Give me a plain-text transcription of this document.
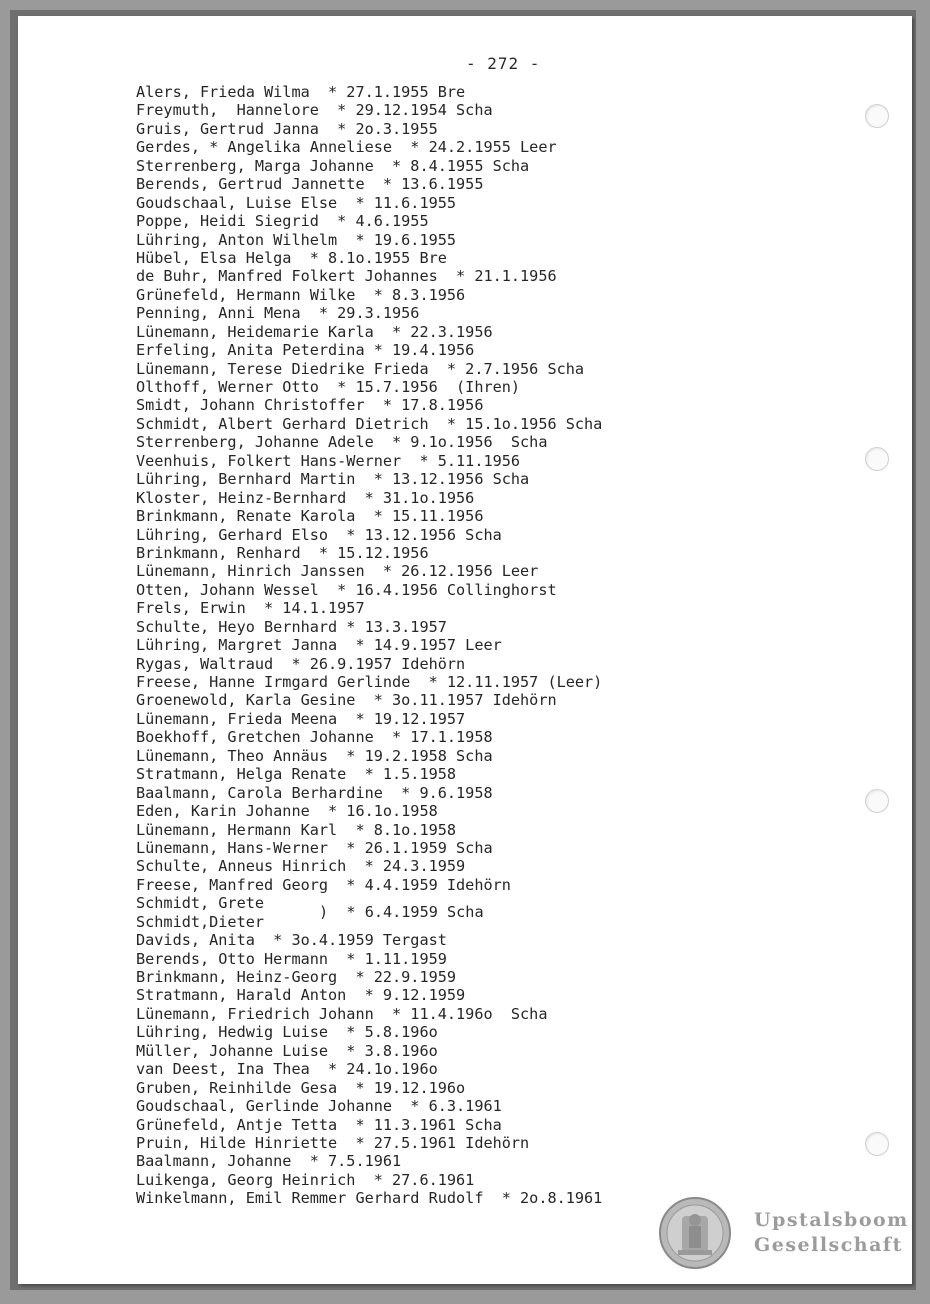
- 272 -
Alers, Frieda Wilma  * 27.1.1955 Bre
Freymuth,  Hannelore  * 29.12.1954 Scha
Gruis, Gertrud Janna  * 2o.3.1955
Gerdes, * Angelika Anneliese  * 24.2.1955 Leer
Sterrenberg, Marga Johanne  * 8.4.1955 Scha
Berends, Gertrud Jannette  * 13.6.1955
Goudschaal, Luise Else  * 11.6.1955
Poppe, Heidi Siegrid  * 4.6.1955
Lühring, Anton Wilhelm  * 19.6.1955
Hübel, Elsa Helga  * 8.1o.1955 Bre
de Buhr, Manfred Folkert Johannes  * 21.1.1956
Grünefeld, Hermann Wilke  * 8.3.1956
Penning, Anni Mena  * 29.3.1956
Lünemann, Heidemarie Karla  * 22.3.1956
Erfeling, Anita Peterdina * 19.4.1956
Lünemann, Terese Diedrike Frieda  * 2.7.1956 Scha
Olthoff, Werner Otto  * 15.7.1956  (Ihren)
Smidt, Johann Christoffer  * 17.8.1956
Schmidt, Albert Gerhard Dietrich  * 15.1o.1956 Scha
Sterrenberg, Johanne Adele  * 9.1o.1956  Scha
Veenhuis, Folkert Hans-Werner  * 5.11.1956
Lühring, Bernhard Martin  * 13.12.1956 Scha
Kloster, Heinz-Bernhard  * 31.1o.1956
Brinkmann, Renate Karola  * 15.11.1956
Lühring, Gerhard Elso  * 13.12.1956 Scha
Brinkmann, Renhard  * 15.12.1956
Lünemann, Hinrich Janssen  * 26.12.1956 Leer
Otten, Johann Wessel  * 16.4.1956 Collinghorst
Frels, Erwin  * 14.1.1957
Schulte, Heyo Bernhard * 13.3.1957
Lühring, Margret Janna  * 14.9.1957 Leer
Rygas, Waltraud  * 26.9.1957 Idehörn
Freese, Hanne Irmgard Gerlinde  * 12.11.1957 (Leer)
Groenewold, Karla Gesine  * 3o.11.1957 Idehörn
Lünemann, Frieda Meena  * 19.12.1957
Boekhoff, Gretchen Johanne  * 17.1.1958
Lünemann, Theo Annäus  * 19.2.1958 Scha
Stratmann, Helga Renate  * 1.5.1958
Baalmann, Carola Berhardine  * 9.6.1958
Eden, Karin Johanne  * 16.1o.1958
Lünemann, Hermann Karl  * 8.1o.1958
Lünemann, Hans-Werner  * 26.1.1959 Scha
Schulte, Anneus Hinrich  * 24.3.1959
Freese, Manfred Georg  * 4.4.1959 Idehörn
Schmidt, Grete
Schmidt,Dieter
)  * 6.4.1959 Scha
Davids, Anita  * 3o.4.1959 Tergast
Berends, Otto Hermann  * 1.11.1959
Brinkmann, Heinz-Georg  * 22.9.1959
Stratmann, Harald Anton  * 9.12.1959
Lünemann, Friedrich Johann  * 11.4.196o  Scha
Lühring, Hedwig Luise  * 5.8.196o
Müller, Johanne Luise  * 3.8.196o
van Deest, Ina Thea  * 24.1o.196o
Gruben, Reinhilde Gesa  * 19.12.196o
Goudschaal, Gerlinde Johanne  * 6.3.1961
Grünefeld, Antje Tetta  * 11.3.1961 Scha
Pruin, Hilde Hinriette  * 27.5.1961 Idehörn
Baalmann, Johanne  * 7.5.1961
Luikenga, Georg Heinrich  * 27.6.1961
Winkelmann, Emil Remmer Gerhard Rudolf  * 2o.8.1961
Upstalsboom
Gesellschaft
